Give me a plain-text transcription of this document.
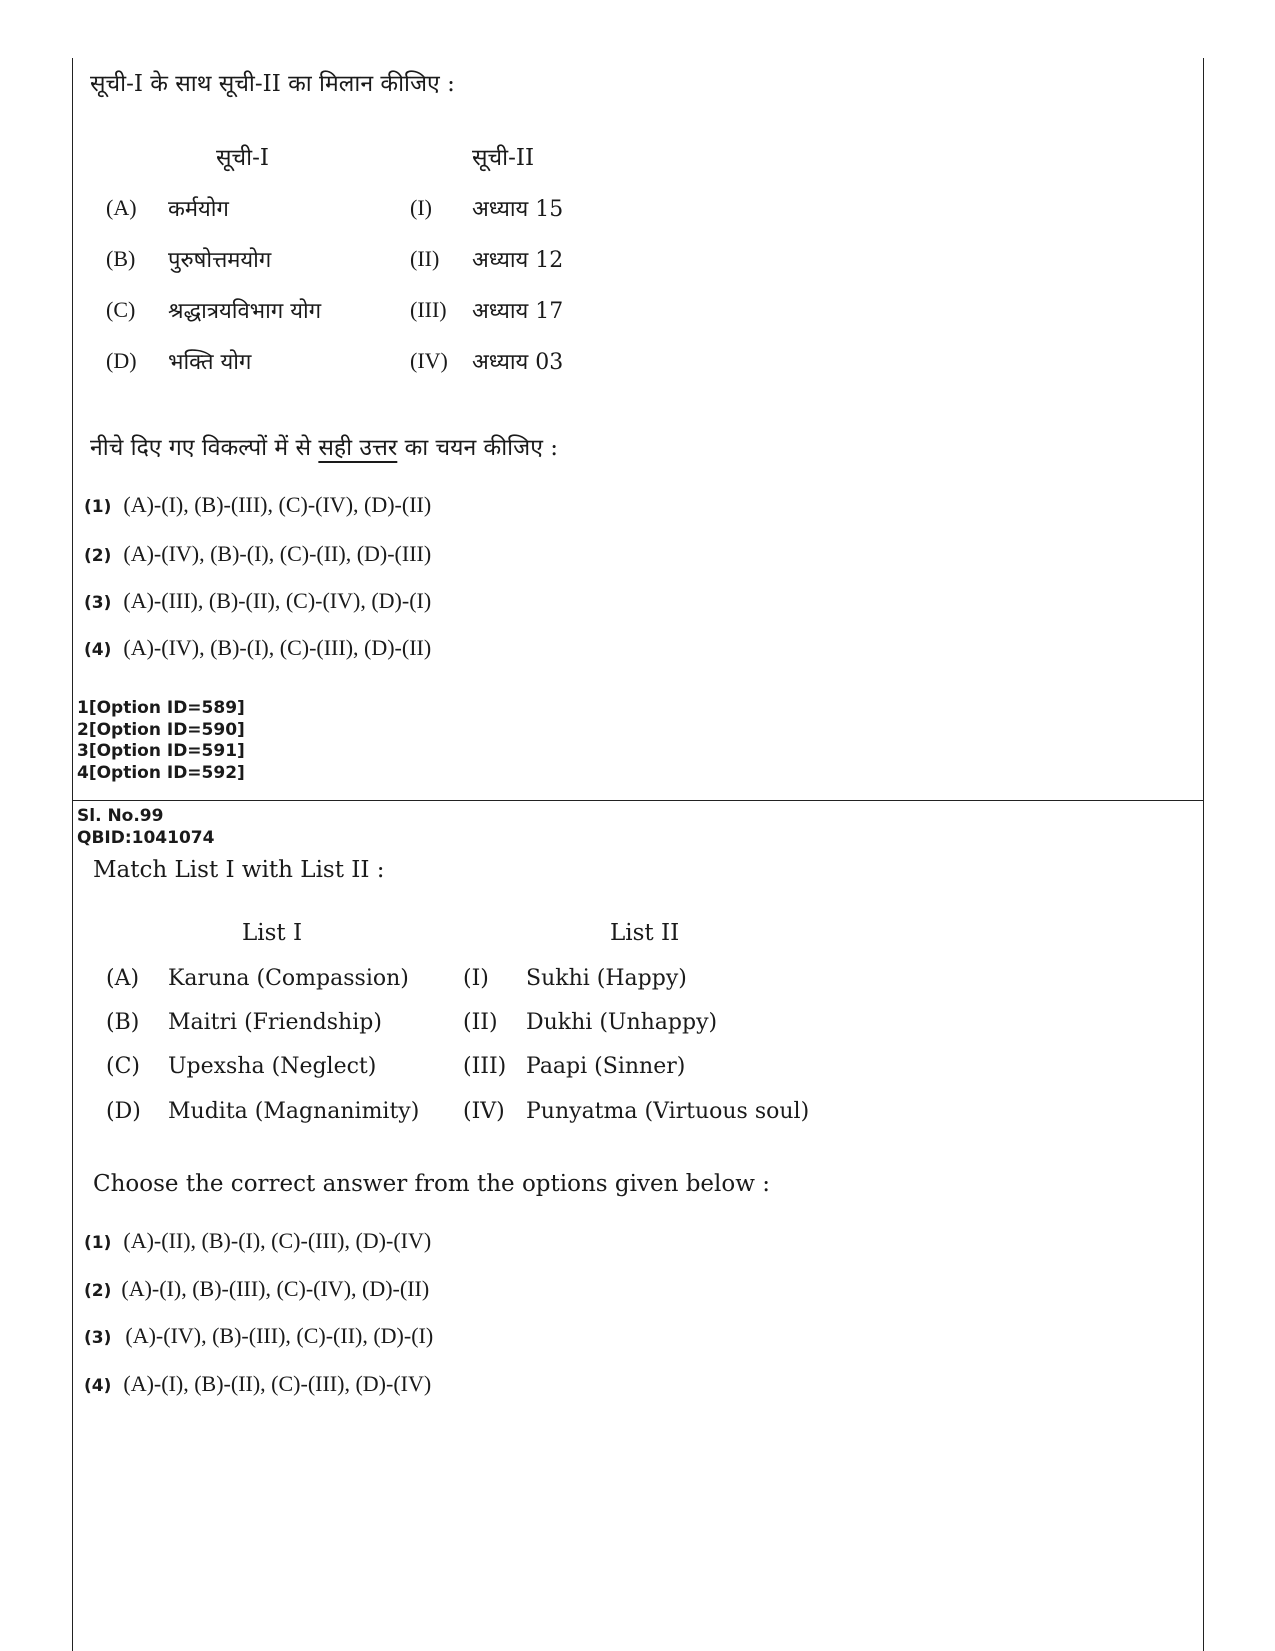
सूची-I के साथ सूची-II का मिलान कीजिए :
सूची-I	सूची-II
(A) कर्मयोग	(I) अध्याय 15
(B) पुरुषोत्तमयोग	(II) अध्याय 12
(C) श्रद्धात्रयविभाग योग	(III) अध्याय 17
(D) भक्ति योग	(IV) अध्याय 03
नीचे दिए गए विकल्पों में से सही उत्तर का चयन कीजिए :
(1) (A)-(I), (B)-(III), (C)-(IV), (D)-(II)
(2) (A)-(IV), (B)-(I), (C)-(II), (D)-(III)
(3) (A)-(III), (B)-(II), (C)-(IV), (D)-(I)
(4) (A)-(IV), (B)-(I), (C)-(III), (D)-(II)
1[Option ID=589]
2[Option ID=590]
3[Option ID=591]
4[Option ID=592]
Sl. No.99
QBID:1041074
Match List I with List II :
List I	List II
(A) Karuna (Compassion) (I) Sukhi (Happy)
(B) Maitri (Friendship)	(II) Dukhi (Unhappy)
(C) Upexsha (Neglect)	(III) Paapi (Sinner)
(D) Mudita (Magnanimity) (IV) Punyatma (Virtuous soul)
Choose the correct answer from the options given below :
(1) (A)-(II), (B)-(I), (C)-(III), (D)-(IV)
(2) (A)-(I), (B)-(III), (C)-(IV), (D)-(II)
(3) (A)-(IV), (B)-(III), (C)-(II), (D)-(I)
(4) (A)-(I), (B)-(II), (C)-(III), (D)-(IV)
